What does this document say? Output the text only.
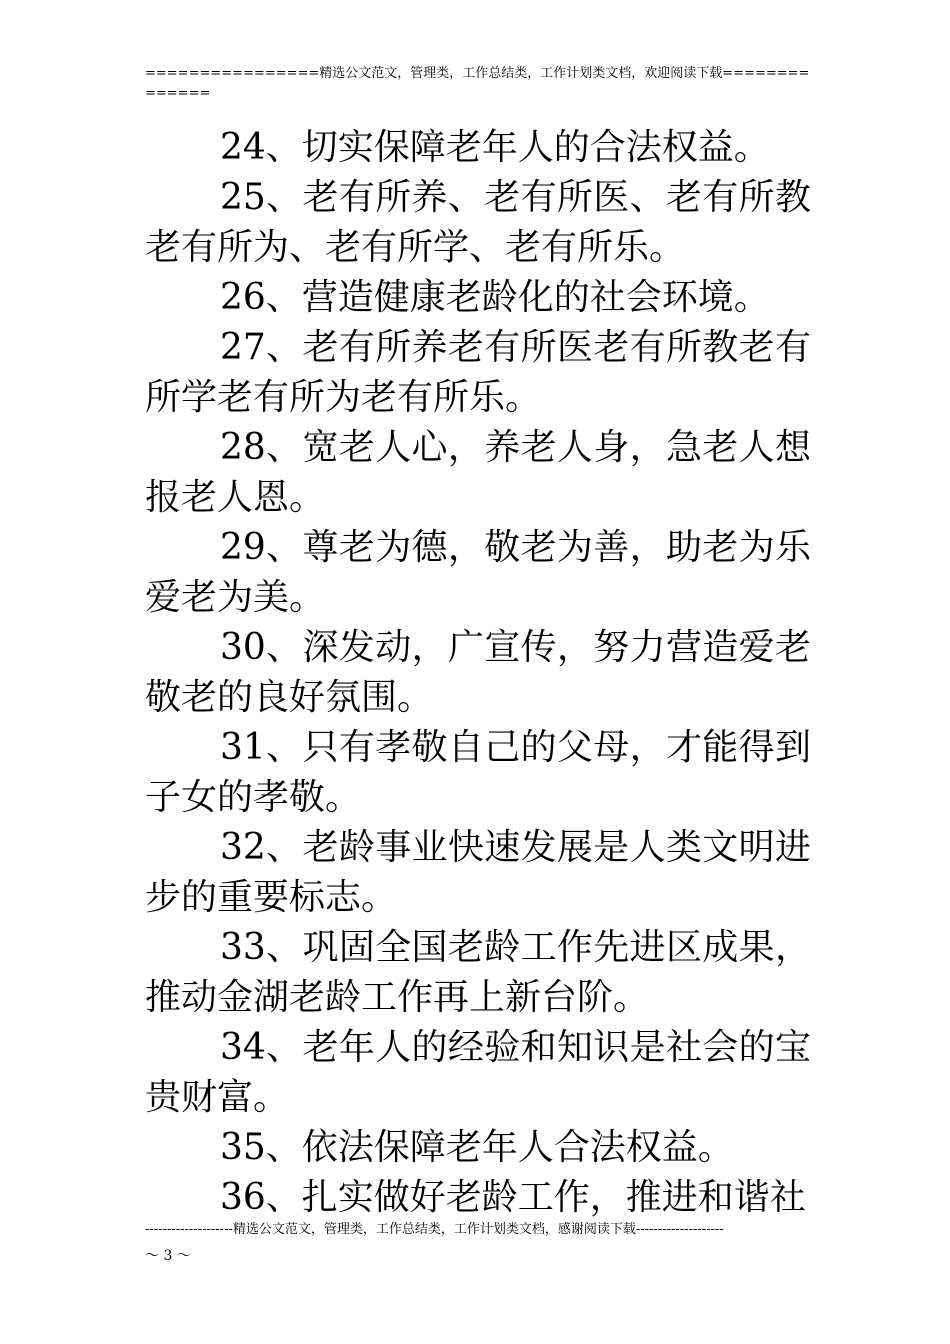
================精选公文范文，管理类，工作总结类，工作计划类文档，欢迎阅读下载==============

24、切实保障老年人的合法权益。

25、老有所养、老有所医、老有所教老有所为、老有所学、老有所乐。

26、营造健康老龄化的社会环境。

27、老有所养老有所医老有所教老有所学老有所为老有所乐。

28、宽老人心，养老人身，急老人想报老人恩。

29、尊老为德，敬老为善，助老为乐爱老为美。

30、深发动，广宣传，努力营造爱老敬老的良好氛围。

31、只有孝敬自己的父母，才能得到子女的孝敬。

32、老龄事业快速发展是人类文明进步的重要标志。

33、巩固全国老龄工作先进区成果，推动金湖老龄工作再上新台阶。

34、老年人的经验和知识是社会的宝贵财富。

35、依法保障老年人合法权益。

36、扎实做好老龄工作，推进和谐社

--------------------精选公文范文，管理类，工作总结类，工作计划类文档，感谢阅读下载--------------------
～ 3 ～
